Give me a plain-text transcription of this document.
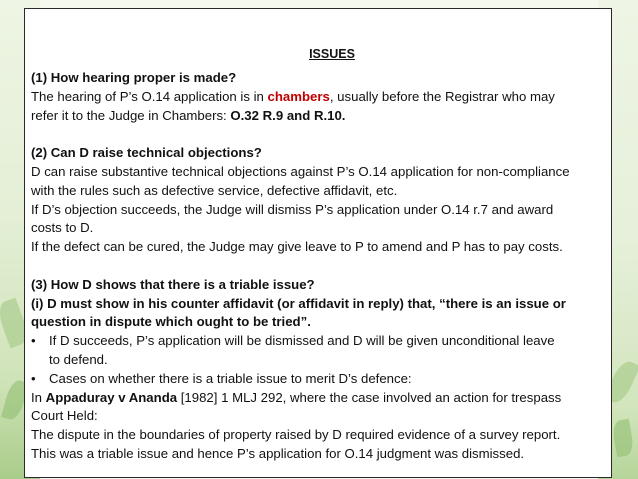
ISSUES

(1) How hearing proper is made?

The hearing of P’s O.14 application is in chambers, usually before the Registrar who may

refer it to the Judge in Chambers: O.32 R.9 and R.10.

(2) Can D raise technical objections?

D can raise substantive technical objections against P’s O.14 application for non-compliance

with the rules such as defective service, defective affidavit, etc.

If D’s objection succeeds, the Judge will dismiss P’s application under O.14 r.7 and award

costs to D.

If the defect can be cured, the Judge may give leave to P to amend and P has to pay costs.

(3) How D shows that there is a triable issue?

(i) D must show in his counter affidavit (or affidavit in reply) that, “there is an issue or

question in dispute which ought to be tried”.

•	If D succeeds, P’s application will be dismissed and D will be given unconditional leave

to defend.

•	Cases on whether there is a triable issue to merit D’s defence:

In Appaduray v Ananda [1982] 1 MLJ 292, where the case involved an action for trespass

Court Held:

The dispute in the boundaries of property raised by D required evidence of a survey report.

This was a triable issue and hence P’s application for O.14 judgment was dismissed.
